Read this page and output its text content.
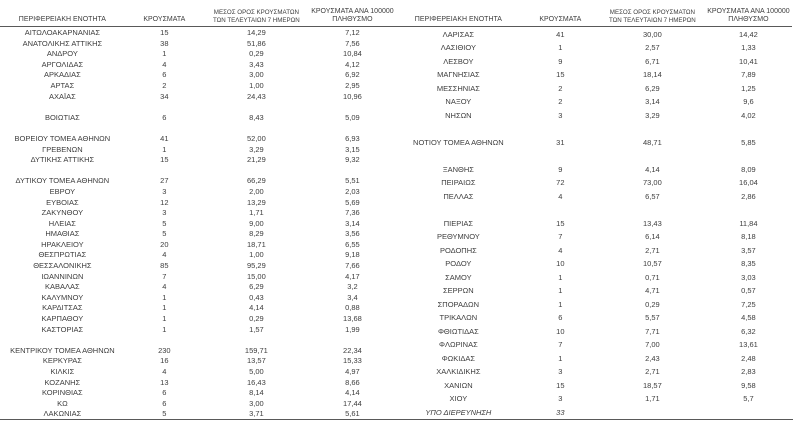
ΠΕΡΙΦΕΡΕΙΑΚΗ ΕΝΟΤΗΤΑ	ΚΡΟΥΣΜΑΤΑ	ΜΕΣΟΣ ΟΡΟΣ ΚΡΟΥΣΜΑΤΩΝ
ΤΩΝ ΤΕΛΕΥΤΑΙΩΝ 7 ΗΜΕΡΩΝ	ΚΡΟΥΣΜΑΤΑ ΑΝΑ 100000
ΠΛΗΘΥΣΜΟ

ΑΙΤΩΛΟΑΚΑΡΝΑΝΙΑΣ	15	14,29	7,12
ΑΝΑΤΟΛΙΚΗΣ ΑΤΤΙΚΗΣ	38	51,86	7,56
ΑΝΔΡΟΥ	1	0,29	10,84
ΑΡΓΟΛΙΔΑΣ	4	3,43	4,12
ΑΡΚΑΔΙΑΣ	6	3,00	6,92
ΑΡΤΑΣ	2	1,00	2,95
ΑΧΑΪΑΣ	34	24,43	10,96

ΒΟΙΩΤΙΑΣ	6	8,43	5,09

ΒΟΡΕΙΟΥ ΤΟΜΕΑ ΑΘΗΝΩΝ	41	52,00	6,93
ΓΡΕΒΕΝΩΝ	1	3,29	3,15
ΔΥΤΙΚΗΣ ΑΤΤΙΚΗΣ	15	21,29	9,32

ΔΥΤΙΚΟΥ ΤΟΜΕΑ ΑΘΗΝΩΝ	27	66,29	5,51
ΕΒΡΟΥ	3	2,00	2,03
ΕΥΒΟΙΑΣ	12	13,29	5,69
ΖΑΚΥΝΘΟΥ	3	1,71	7,36
ΗΛΕΙΑΣ	5	9,00	3,14
ΗΜΑΘΙΑΣ	5	8,29	3,56
ΗΡΑΚΛΕΙΟΥ	20	18,71	6,55
ΘΕΣΠΡΩΤΙΑΣ	4	1,00	9,18
ΘΕΣΣΑΛΟΝΙΚΗΣ	85	95,29	7,66
ΙΩΑΝΝΙΝΩΝ	7	15,00	4,17
ΚΑΒΑΛΑΣ	4	6,29	3,2
ΚΑΛΥΜΝΟΥ	1	0,43	3,4
ΚΑΡΔΙΤΣΑΣ	1	4,14	0,88
ΚΑΡΠΑΘΟΥ	1	0,29	13,68
ΚΑΣΤΟΡΙΑΣ	1	1,57	1,99

ΚΕΝΤΡΙΚΟΥ ΤΟΜΕΑ ΑΘΗΝΩΝ	230	159,71	22,34
ΚΕΡΚΥΡΑΣ	16	13,57	15,33
ΚΙΛΚΙΣ	4	5,00	4,97
ΚΟΖΑΝΗΣ	13	16,43	8,66
ΚΟΡΙΝΘΙΑΣ	6	8,14	4,14
ΚΩ	6	3,00	17,44
ΛΑΚΩΝΙΑΣ	5	3,71	5,61
ΠΕΡΙΦΕΡΕΙΑΚΗ ΕΝΟΤΗΤΑ	ΚΡΟΥΣΜΑΤΑ	ΜΕΣΟΣ ΟΡΟΣ ΚΡΟΥΣΜΑΤΩΝ
ΤΩΝ ΤΕΛΕΥΤΑΙΩΝ 7 ΗΜΕΡΩΝ	ΚΡΟΥΣΜΑΤΑ ΑΝΑ 100000
ΠΛΗΘΥΣΜΟ

ΛΑΡΙΣΑΣ	41	30,00	14,42
ΛΑΣΙΘΙΟΥ	1	2,57	1,33
ΛΕΣΒΟΥ	9	6,71	10,41
ΜΑΓΝΗΣΙΑΣ	15	18,14	7,89
ΜΕΣΣΗΝΙΑΣ	2	6,29	1,25
ΝΑΞΟΥ	2	3,14	9,6
ΝΗΣΩΝ	3	3,29	4,02

ΝΟΤΙΟΥ ΤΟΜΕΑ ΑΘΗΝΩΝ	31	48,71	5,85

ΞΑΝΘΗΣ	9	4,14	8,09
ΠΕΙΡΑΙΩΣ	72	73,00	16,04
ΠΕΛΛΑΣ	4	6,57	2,86

ΠΙΕΡΙΑΣ	15	13,43	11,84
ΡΕΘΥΜΝΟΥ	7	6,14	8,18
ΡΟΔΟΠΗΣ	4	2,71	3,57
ΡΟΔΟΥ	10	10,57	8,35
ΣΑΜΟΥ	1	0,71	3,03
ΣΕΡΡΩΝ	1	4,71	0,57
ΣΠΟΡΑΔΩΝ	1	0,29	7,25
ΤΡΙΚΑΛΩΝ	6	5,57	4,58
ΦΘΙΩΤΙΔΑΣ	10	7,71	6,32
ΦΛΩΡΙΝΑΣ	7	7,00	13,61
ΦΩΚΙΔΑΣ	1	2,43	2,48
ΧΑΛΚΙΔΙΚΗΣ	3	2,71	2,83
ΧΑΝΙΩΝ	15	18,57	9,58
ΧΙΟΥ	3	1,71	5,7
ΥΠΟ ΔΙΕΡΕΥΝΗΣΗ	33		
